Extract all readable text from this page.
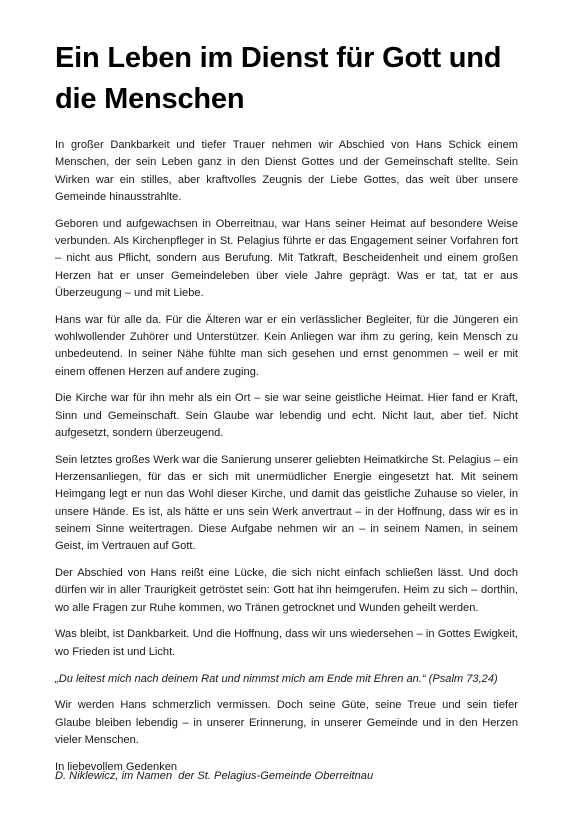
Ein Leben im Dienst für Gott und die Menschen

In großer Dankbarkeit und tiefer Trauer nehmen wir Abschied von Hans Schick einem Menschen, der sein Leben ganz in den Dienst Gottes und der Gemeinschaft stellte. Sein Wirken war ein stilles, aber kraftvolles Zeugnis der Liebe Gottes, das weit über unsere Gemeinde hinausstrahlte.

Geboren und aufgewachsen in Oberreitnau, war Hans seiner Heimat auf besondere Weise verbunden. Als Kirchenpfleger in St. Pelagius führte er das Engagement seiner Vorfahren fort – nicht aus Pflicht, sondern aus Berufung. Mit Tatkraft, Bescheidenheit und einem großen Herzen hat er unser Gemeindeleben über viele Jahre geprägt. Was er tat, tat er aus Überzeugung – und mit Liebe.

Hans war für alle da. Für die Älteren war er ein verlässlicher Begleiter, für die Jüngeren ein wohlwollender Zuhörer und Unterstützer. Kein Anliegen war ihm zu gering, kein Mensch zu unbedeutend. In seiner Nähe fühlte man sich gesehen und ernst genommen – weil er mit einem offenen Herzen auf andere zuging.

Die Kirche war für ihn mehr als ein Ort – sie war seine geistliche Heimat. Hier fand er Kraft, Sinn und Gemeinschaft. Sein Glaube war lebendig und echt. Nicht laut, aber tief. Nicht aufgesetzt, sondern überzeugend.

Sein letztes großes Werk war die Sanierung unserer geliebten Heimatkirche St. Pelagius – ein Herzensanliegen, für das er sich mit unermüdlicher Energie eingesetzt hat. Mit seinem Heimgang legt er nun das Wohl dieser Kirche, und damit das geistliche Zuhause so vieler, in unsere Hände. Es ist, als hätte er uns sein Werk anvertraut – in der Hoffnung, dass wir es in seinem Sinne weitertragen. Diese Aufgabe nehmen wir an – in seinem Namen, in seinem Geist, im Vertrauen auf Gott.

Der Abschied von Hans reißt eine Lücke, die sich nicht einfach schließen lässt. Und doch dürfen wir in aller Traurigkeit getröstet sein: Gott hat ihn heimgerufen. Heim zu sich – dorthin, wo alle Fragen zur Ruhe kommen, wo Tränen getrocknet und Wunden geheilt werden.

Was bleibt, ist Dankbarkeit. Und die Hoffnung, dass wir uns wiedersehen – in Gottes Ewigkeit, wo Frieden ist und Licht.

„Du leitest mich nach deinem Rat und nimmst mich am Ende mit Ehren an.“ (Psalm 73,24)

Wir werden Hans schmerzlich vermissen. Doch seine Güte, seine Treue und sein tiefer Glaube bleiben lebendig – in unserer Erinnerung, in unserer Gemeinde und in den Herzen vieler Menschen.

In liebevollem Gedenken

D. Niklewicz, im Namen  der St. Pelagius-Gemeinde Oberreitnau
